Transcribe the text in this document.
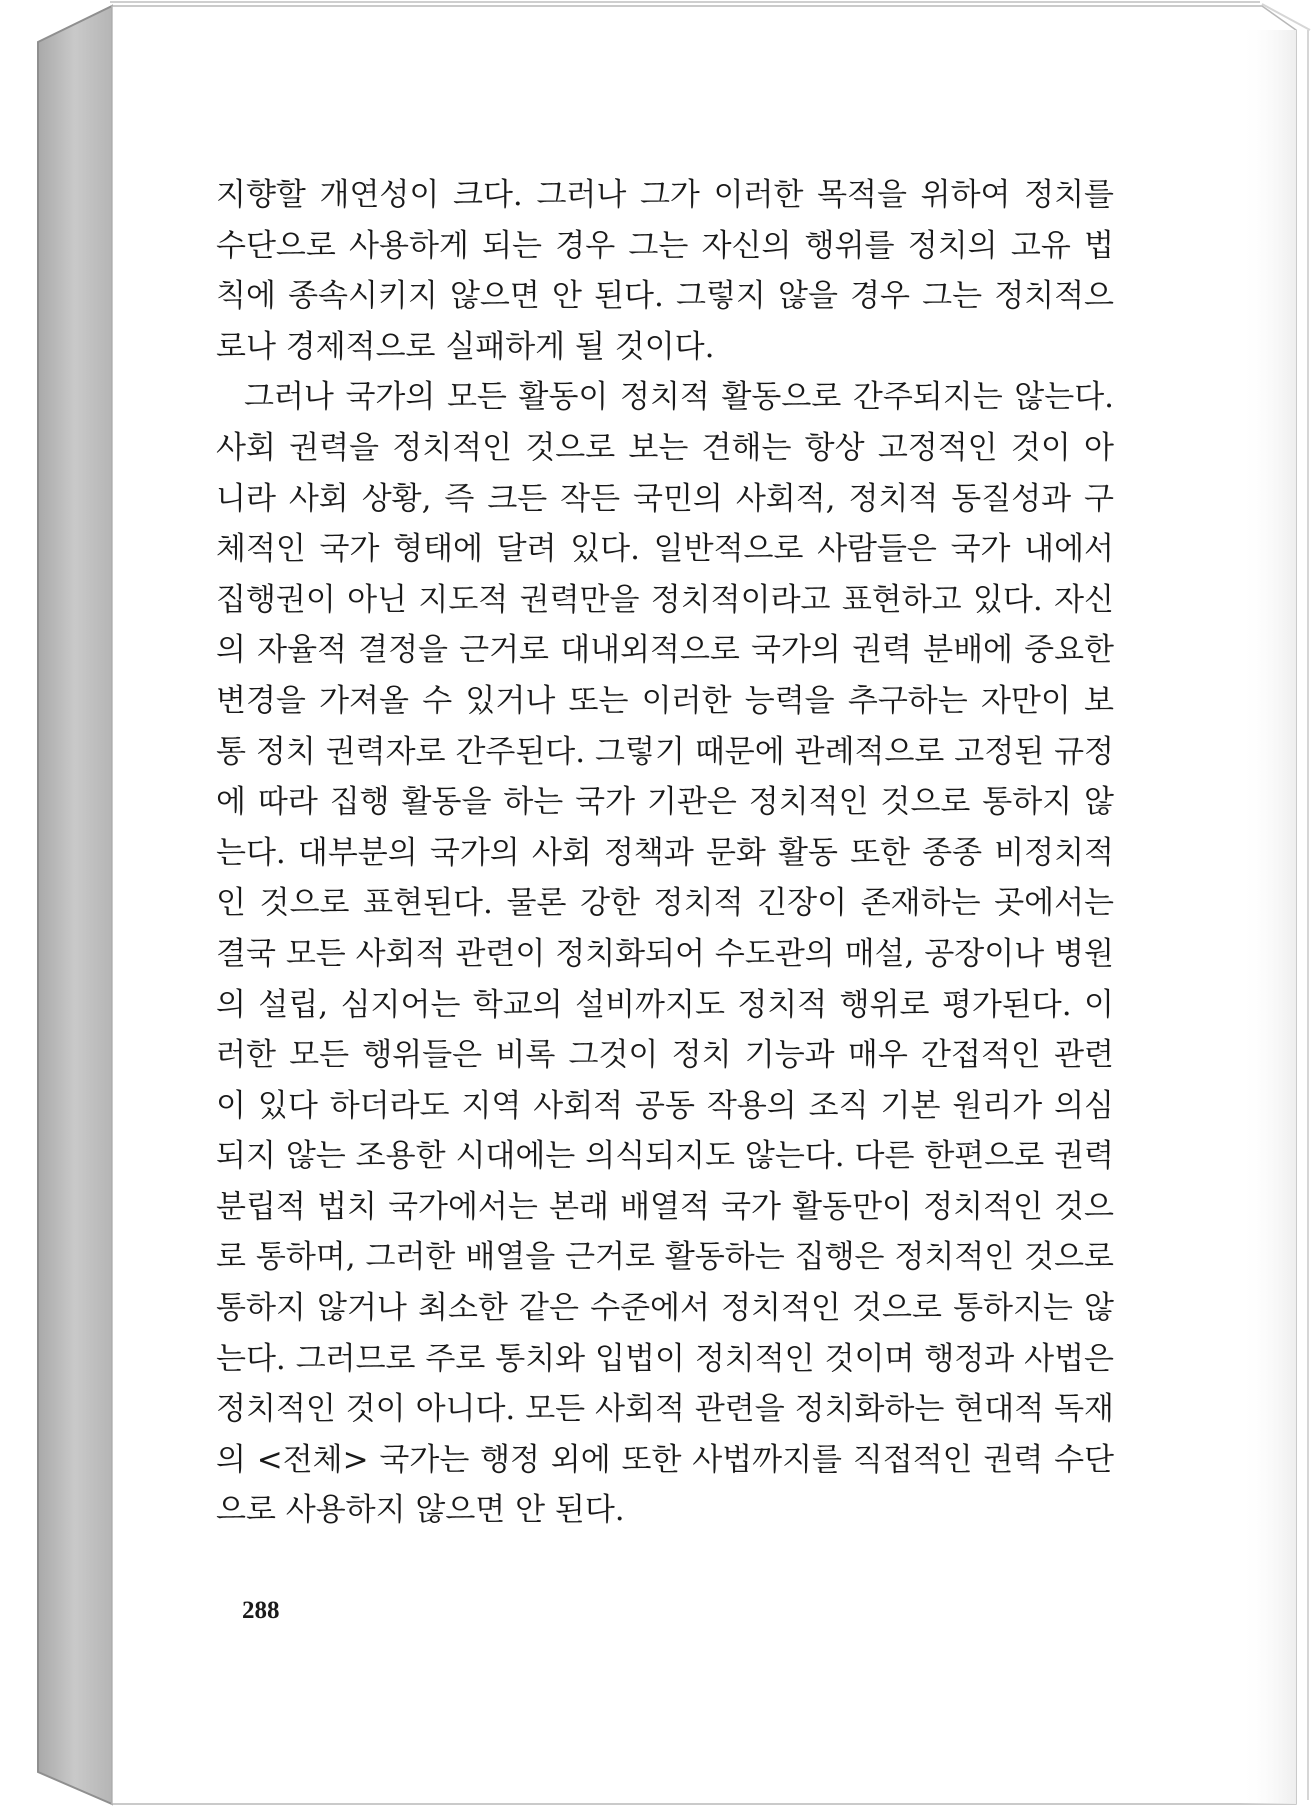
지향할 개연성이 크다. 그러나 그가 이러한 목적을 위하여 정치를
수단으로 사용하게 되는 경우 그는 자신의 행위를 정치의 고유 법
칙에 종속시키지 않으면 안 된다. 그렇지 않을 경우 그는 정치적으
로나 경제적으로 실패하게 될 것이다.
그러나 국가의 모든 활동이 정치적 활동으로 간주되지는 않는다.
사회 권력을 정치적인 것으로 보는 견해는 항상 고정적인 것이 아
니라 사회 상황, 즉 크든 작든 국민의 사회적, 정치적 동질성과 구
체적인 국가 형태에 달려 있다. 일반적으로 사람들은 국가 내에서
집행권이 아닌 지도적 권력만을 정치적이라고 표현하고 있다. 자신
의 자율적 결정을 근거로 대내외적으로 국가의 권력 분배에 중요한
변경을 가져올 수 있거나 또는 이러한 능력을 추구하는 자만이 보
통 정치 권력자로 간주된다. 그렇기 때문에 관례적으로 고정된 규정
에 따라 집행 활동을 하는 국가 기관은 정치적인 것으로 통하지 않
는다. 대부분의 국가의 사회 정책과 문화 활동 또한 종종 비정치적
인 것으로 표현된다. 물론 강한 정치적 긴장이 존재하는 곳에서는
결국 모든 사회적 관련이 정치화되어 수도관의 매설, 공장이나 병원
의 설립, 심지어는 학교의 설비까지도 정치적 행위로 평가된다. 이
러한 모든 행위들은 비록 그것이 정치 기능과 매우 간접적인 관련
이 있다 하더라도 지역 사회적 공동 작용의 조직 기본 원리가 의심
되지 않는 조용한 시대에는 의식되지도 않는다. 다른 한편으로 권력
분립적 법치 국가에서는 본래 배열적 국가 활동만이 정치적인 것으
로 통하며, 그러한 배열을 근거로 활동하는 집행은 정치적인 것으로
통하지 않거나 최소한 같은 수준에서 정치적인 것으로 통하지는 않
는다. 그러므로 주로 통치와 입법이 정치적인 것이며 행정과 사법은
정치적인 것이 아니다. 모든 사회적 관련을 정치화하는 현대적 독재
의 <전체> 국가는 행정 외에 또한 사법까지를 직접적인 권력 수단
으로 사용하지 않으면 안 된다.
288
